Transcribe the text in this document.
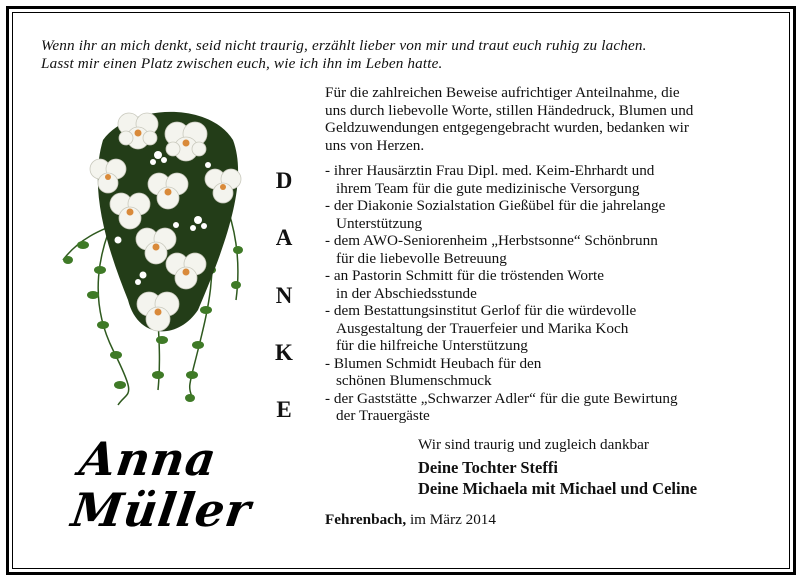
Wenn ihr an mich denkt, seid nicht traurig, erzählt lieber von mir und traut euch ruhig zu lachen.
Lasst mir einen Platz zwischen euch, wie ich ihn im Leben hatte.
Für die zahlreichen Beweise aufrichtiger Anteilnahme, die
uns durch liebevolle Worte, stillen Händedruck, Blumen und
Geldzuwendungen entgegengebracht wurden, bedanken wir
uns von Herzen.
D
A
N
K
E
- ihrer Hausärztin Frau Dipl. med. Keim-Ehrhardt und
ihrem Team für die gute medizinische Versorgung
- der Diakonie Sozialstation Gießübel für die jahrelange
Unterstützung
- dem AWO-Seniorenheim „Herbstsonne“ Schönbrunn
für die liebevolle Betreuung
- an Pastorin Schmitt für die tröstenden Worte
in der Abschiedsstunde
- dem Bestattungsinstitut Gerlof für die würdevolle
Ausgestaltung der Trauerfeier und Marika Koch
für die hilfreiche Unterstützung
- Blumen Schmidt Heubach für den
schönen Blumenschmuck
- der Gaststätte „Schwarzer Adler“ für die gute Bewirtung
der Trauergäste
Wir sind traurig und zugleich dankbar
Deine Tochter Steffi
Deine Michaela mit Michael und Celine
Fehrenbach, im März 2014
Anna
Müller
